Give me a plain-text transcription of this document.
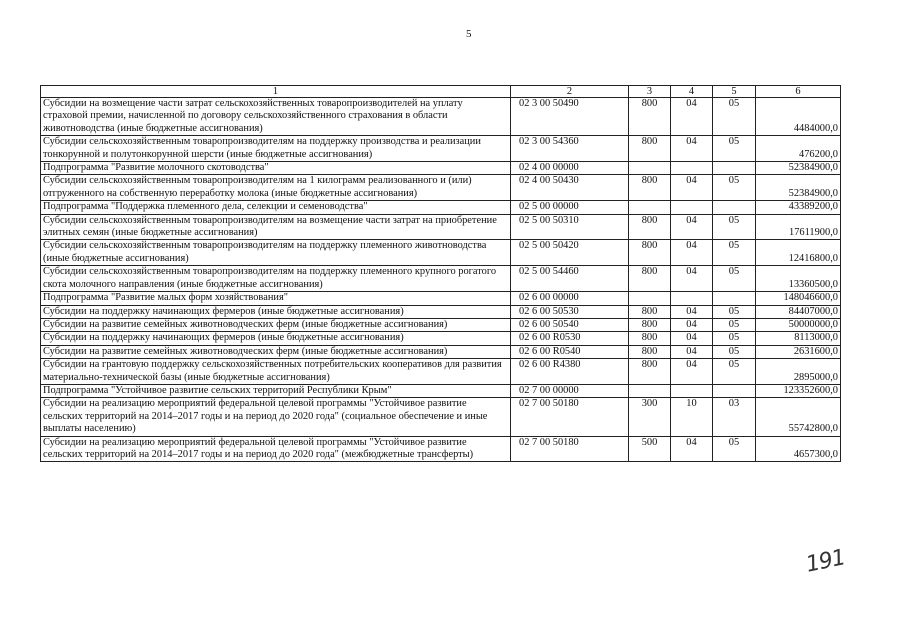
5
1	2	3	4	5	6
Субсидии на возмещение части затрат сельскохозяйственных товаропроизводителей на уплату страховой премии, начисленной по договору сельскохозяйственного страхования в области животноводства (иные бюджетные ассигнования)	02 3 00 50490	800	04	05	4484000,0
Субсидии сельскохозяйственным товаропроизводителям на поддержку производства и реализации тонкорунной и полутонкорунной шерсти (иные бюджетные ассигнования)	02 3 00 54360	800	04	05	476200,0
Подпрограмма "Развитие молочного скотоводства"	02 4 00 00000				52384900,0
Субсидии сельскохозяйственным товаропроизводителям на 1 килограмм реализованного и (или) отгруженного на собственную переработку молока (иные бюджетные ассигнования)	02 4 00 50430	800	04	05	52384900,0
Подпрограмма "Поддержка племенного дела, селекции и семеноводства"	02 5 00 00000				43389200,0
Субсидии сельскохозяйственным товаропроизводителям на возмещение части затрат на приобретение элитных семян (иные бюджетные ассигнования)	02 5 00 50310	800	04	05	17611900,0
Субсидии сельскохозяйственным товаропроизводителям на поддержку племенного животноводства (иные бюджетные ассигнования)	02 5 00 50420	800	04	05	12416800,0
Субсидии сельскохозяйственным товаропроизводителям на поддержку племенного крупного рогатого скота молочного направления (иные бюджетные ассигнования)	02 5 00 54460	800	04	05	13360500,0
Подпрограмма "Развитие малых форм хозяйствования"	02 6 00 00000				148046600,0
Субсидии на поддержку начинающих фермеров (иные бюджетные ассигнования)	02 6 00 50530	800	04	05	84407000,0
Субсидии на развитие семейных животноводческих ферм (иные бюджетные ассигнования)	02 6 00 50540	800	04	05	50000000,0
Субсидии на поддержку начинающих фермеров (иные бюджетные ассигнования)	02 6 00 R0530	800	04	05	8113000,0
Субсидии на развитие семейных животноводческих ферм (иные бюджетные ассигнования)	02 6 00 R0540	800	04	05	2631600,0
Субсидии на грантовую поддержку сельскохозяйственных потребительских кооперативов для развития материально-технической базы (иные бюджетные ассигнования)	02 6 00 R4380	800	04	05	2895000,0
Подпрограмма "Устойчивое развитие сельских территорий Республики Крым"	02 7 00 00000				123352600,0
Субсидии на реализацию мероприятий федеральной целевой программы "Устойчивое развитие сельских территорий на 2014–2017 годы и на период до 2020 года" (социальное обеспечение и иные выплаты населению)	02 7 00 50180	300	10	03	55742800,0
Субсидии на реализацию мероприятий федеральной целевой программы "Устойчивое развитие сельских территорий на 2014–2017 годы и на период до 2020 года" (межбюджетные трансферты)	02 7 00 50180	500	04	05	4657300,0
191
